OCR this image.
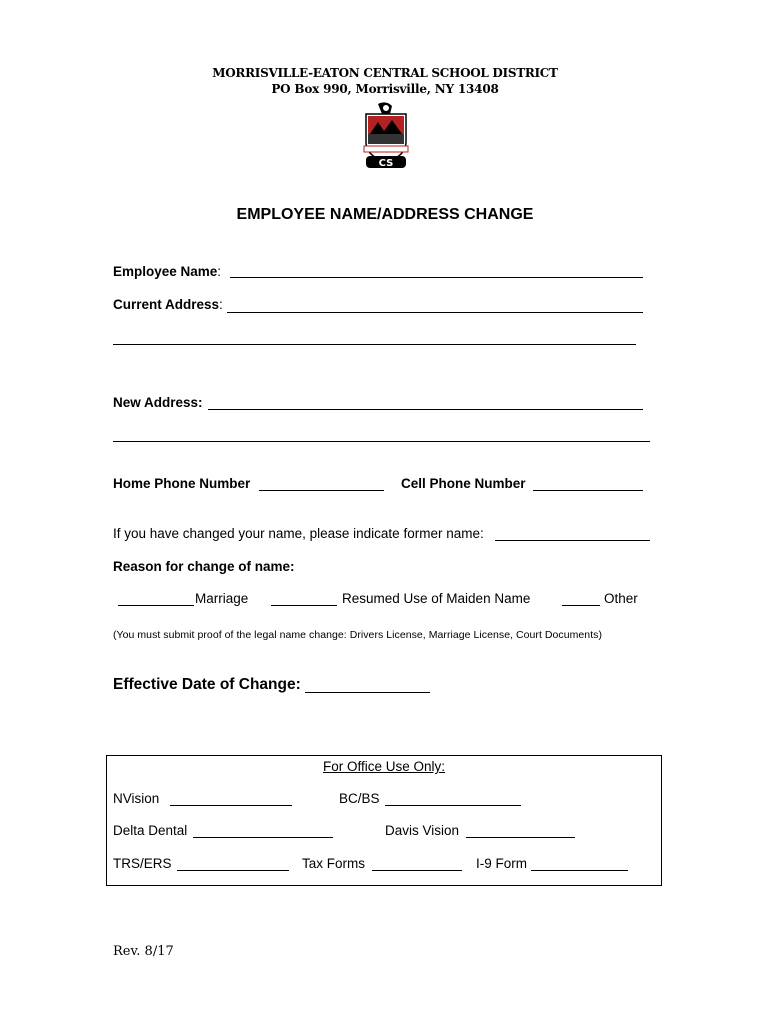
MORRISVILLE-EATON CENTRAL SCHOOL DISTRICT
PO Box 990, Morrisville, NY 13408
CS
EMPLOYEE NAME/ADDRESS CHANGE
Employee Name:
Current Address:
New Address:
Home Phone Number	Cell Phone Number
If you have changed your name, please indicate former name:
Reason for change of name:
Marriage	Resumed Use of Maiden Name	Other
(You must submit proof of the legal name change: Drivers License, Marriage License, Court Documents)
Effective Date of Change:
For Office Use Only:
NVision	BC/BS
Delta Dental	Davis Vision
TRS/ERS	Tax Forms	I-9 Form
Rev. 8/17
